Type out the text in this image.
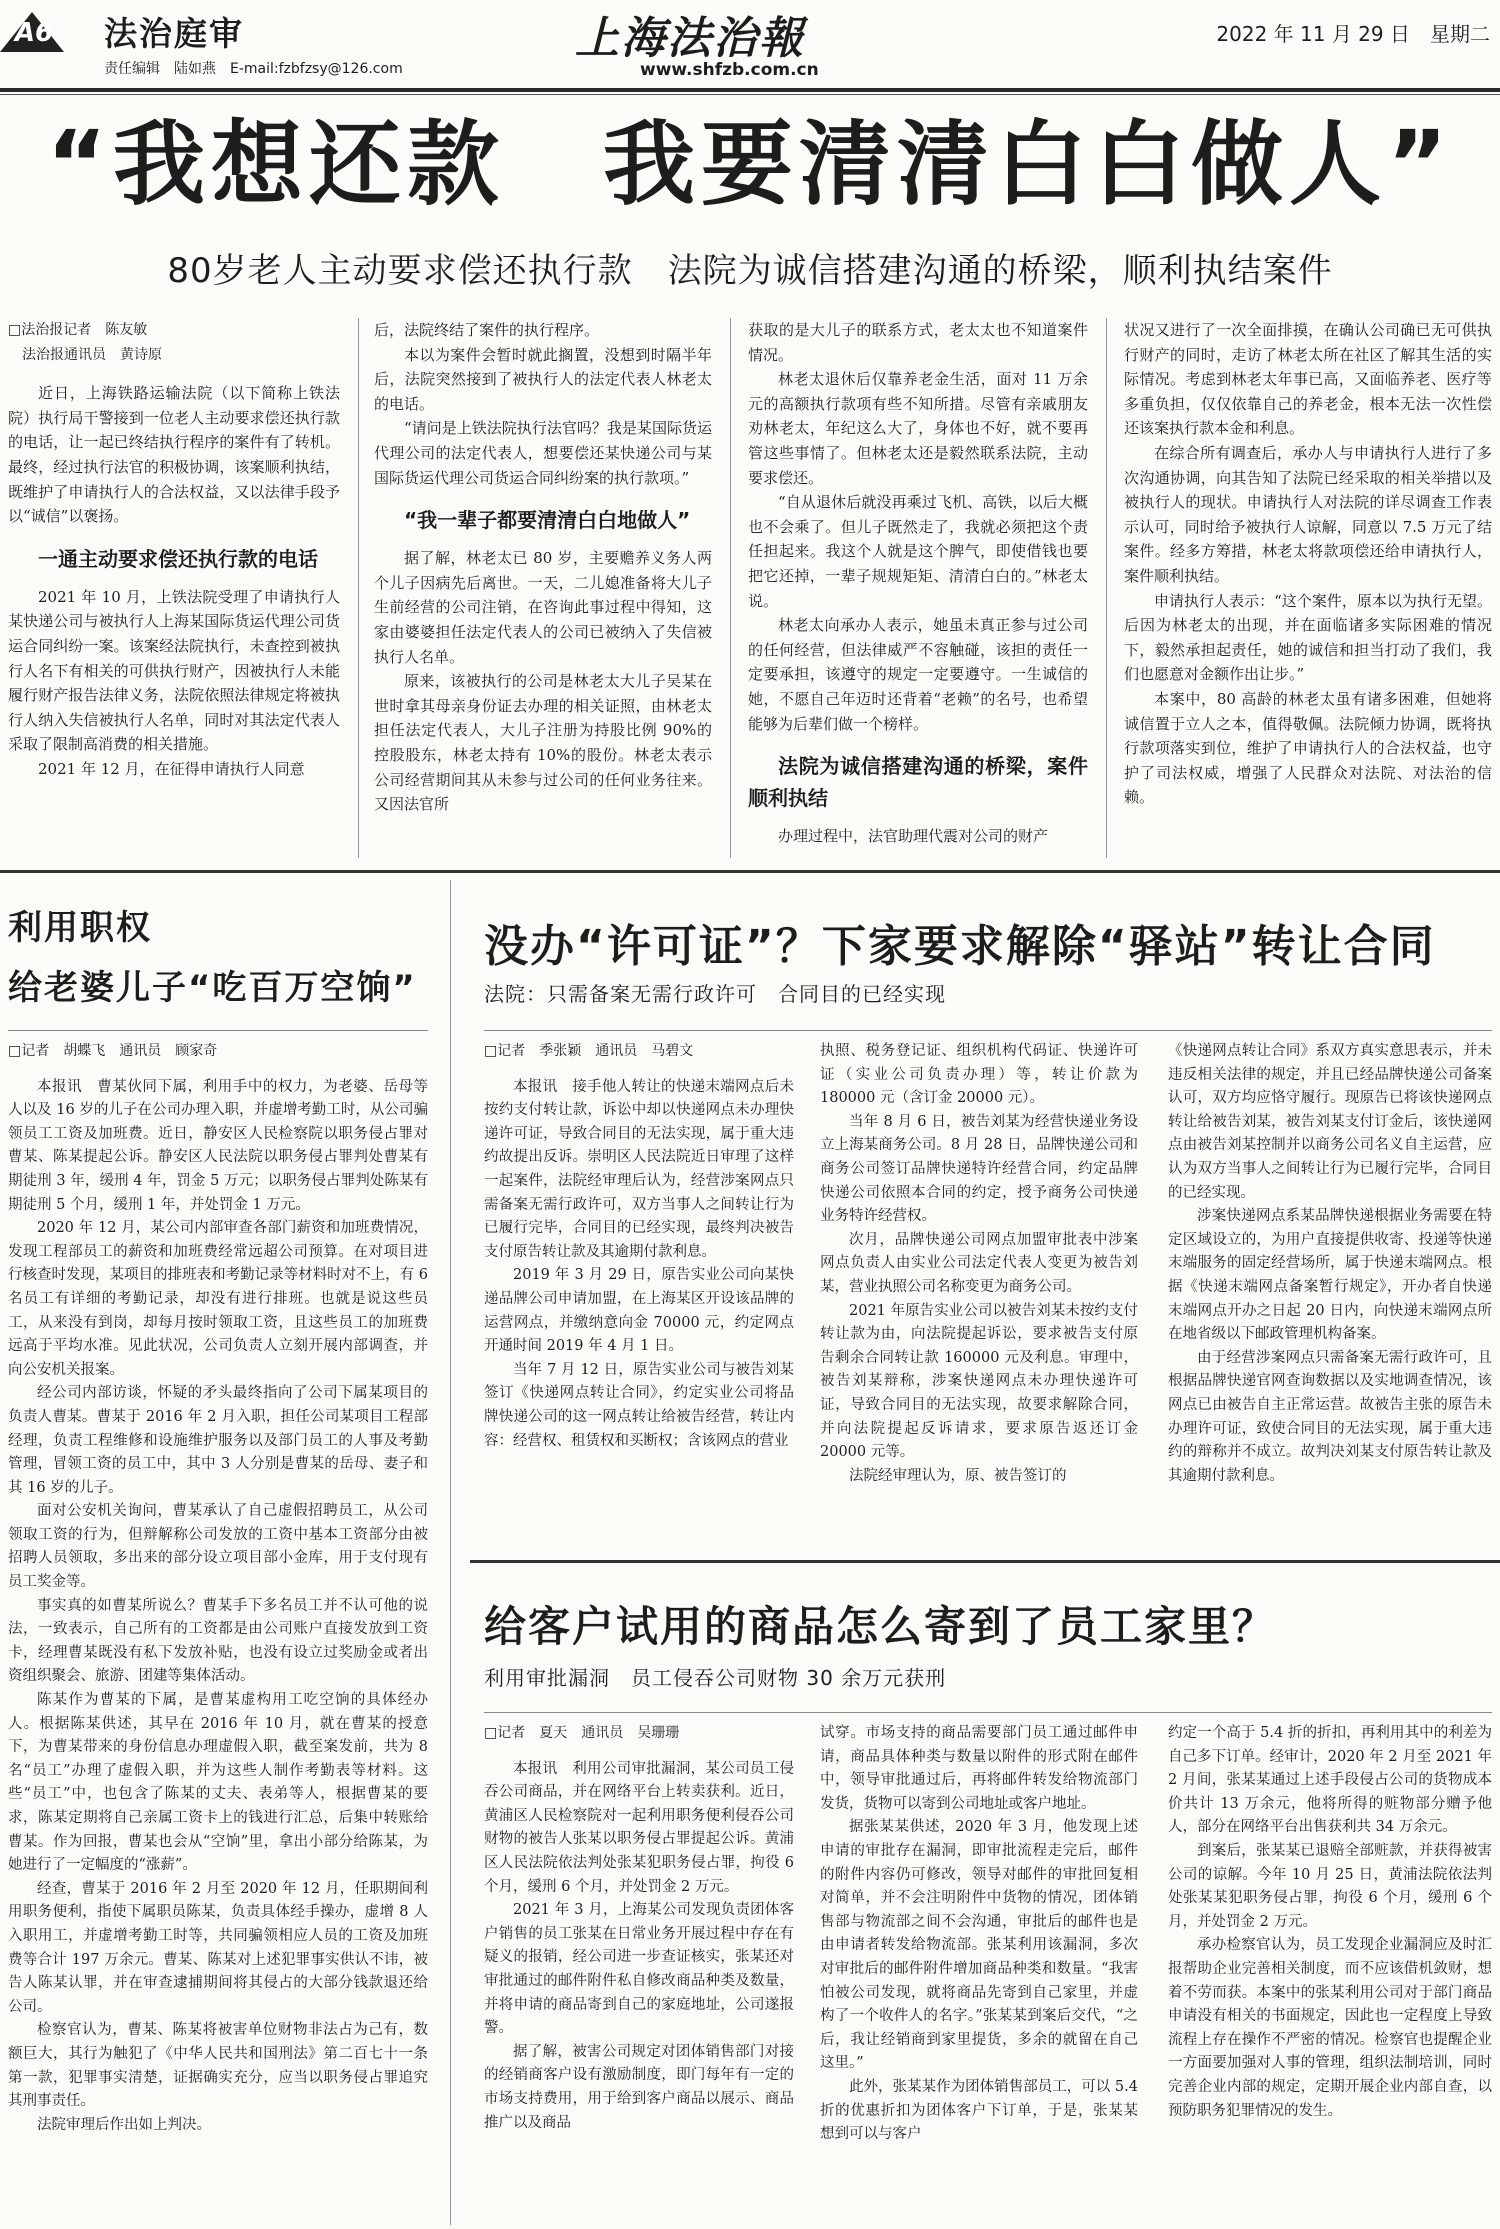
A6 法治庭审
责任编辑　陆如燕　E-mail:fzbfzsy@126.com
上海法治報
www.shfzb.com.cn
2022 年 11 月 29 日　星期二
“我想还款　我要清清白白做人”
80岁老人主动要求偿还执行款　法院为诚信搭建沟通的桥梁，顺利执结案件

□法治报记者　陈友敏

法治报通讯员　黄诗原

近日，上海铁路运输法院（以下简称上铁法院）执行局干警接到一位老人主动要求偿还执行款的电话，让一起已终结执行程序的案件有了转机。最终，经过执行法官的积极协调，该案顺利执结，既维护了申请执行人的合法权益，又以法律手段予以“诚信”以褒扬。

一通主动要求偿还执行款的电话

2021 年 10 月，上铁法院受理了申请执行人某快递公司与被执行人上海某国际货运代理公司货运合同纠纷一案。该案经法院执行，未查控到被执行人名下有相关的可供执行财产，因被执行人未能履行财产报告法律义务，法院依照法律规定将被执行人纳入失信被执行人名单，同时对其法定代表人采取了限制高消费的相关措施。

2021 年 12 月，在征得申请执行人同意

后，法院终结了案件的执行程序。

本以为案件会暂时就此搁置，没想到时隔半年后，法院突然接到了被执行人的法定代表人林老太的电话。

“请问是上铁法院执行法官吗？我是某国际货运代理公司的法定代表人，想要偿还某快递公司与某国际货运代理公司货运合同纠纷案的执行款项。”

“我一辈子都要清清白白地做人”

据了解，林老太已 80 岁，主要赡养义务人两个儿子因病先后离世。一天，二儿媳准备将大儿子生前经营的公司注销，在咨询此事过程中得知，这家由婆婆担任法定代表人的公司已被纳入了失信被执行人名单。

原来，该被执行的公司是林老太大儿子吴某在世时拿其母亲身份证去办理的相关证照，由林老太担任法定代表人，大儿子注册为持股比例 90%的控股股东，林老太持有 10%的股份。林老太表示公司经营期间其从未参与过公司的任何业务往来。又因法官所

获取的是大儿子的联系方式，老太太也不知道案件情况。

林老太退休后仅靠养老金生活，面对 11 万余元的高额执行款项有些不知所措。尽管有亲戚朋友劝林老太，年纪这么大了，身体也不好，就不要再管这些事情了。但林老太还是毅然联系法院，主动要求偿还。

“自从退休后就没再乘过飞机、高铁，以后大概也不会乘了。但儿子既然走了，我就必须把这个责任担起来。我这个人就是这个脾气，即使借钱也要把它还掉，一辈子规规矩矩、清清白白的。”林老太说。

林老太向承办人表示，她虽未真正参与过公司的任何经营，但法律威严不容触碰，该担的责任一定要承担，该遵守的规定一定要遵守。一生诚信的她，不愿自己年迈时还背着“老赖”的名号，也希望能够为后辈们做一个榜样。

法院为诚信搭建沟通的桥梁，案件顺利执结

办理过程中，法官助理代震对公司的财产

状况又进行了一次全面排摸，在确认公司确已无可供执行财产的同时，走访了林老太所在社区了解其生活的实际情况。考虑到林老太年事已高，又面临养老、医疗等多重负担，仅仅依靠自己的养老金，根本无法一次性偿还该案执行款本金和利息。

在综合所有调查后，承办人与申请执行人进行了多次沟通协调，向其告知了法院已经采取的相关举措以及被执行人的现状。申请执行人对法院的详尽调查工作表示认可，同时给予被执行人谅解，同意以 7.5 万元了结案件。经多方筹措，林老太将款项偿还给申请执行人，案件顺利执结。

申请执行人表示：“这个案件，原本以为执行无望。后因为林老太的出现，并在面临诸多实际困难的情况下，毅然承担起责任，她的诚信和担当打动了我们，我们也愿意对金额作出让步。”

本案中，80 高龄的林老太虽有诸多困难，但她将诚信置于立人之本，值得敬佩。法院倾力协调，既将执行款项落实到位，维护了申请执行人的合法权益，也守护了司法权威，增强了人民群众对法院、对法治的信赖。

利用职权
给老婆儿子“吃百万空饷”

□记者　胡蝶飞　通讯员　顾家奇

本报讯　曹某伙同下属，利用手中的权力，为老婆、岳母等人以及 16 岁的儿子在公司办理入职，并虚增考勤工时，从公司骗领员工工资及加班费。近日，静安区人民检察院以职务侵占罪对曹某、陈某提起公诉。静安区人民法院以职务侵占罪判处曹某有期徒刑 3 年，缓刑 4 年，罚金 5 万元；以职务侵占罪判处陈某有期徒刑 5 个月，缓刑 1 年，并处罚金 1 万元。

2020 年 12 月，某公司内部审查各部门薪资和加班费情况，发现工程部员工的薪资和加班费经常远超公司预算。在对项目进行核查时发现，某项目的排班表和考勤记录等材料时对不上，有 6 名员工有详细的考勤记录，却没有进行排班。也就是说这些员工，从来没有到岗，却每月按时领取工资，且这些员工的加班费远高于平均水准。见此状况，公司负责人立刻开展内部调查，并向公安机关报案。

经公司内部访谈，怀疑的矛头最终指向了公司下属某项目的负责人曹某。曹某于 2016 年 2 月入职，担任公司某项目工程部经理，负责工程维修和设施维护服务以及部门员工的人事及考勤管理，冒领工资的员工中，其中 3 人分别是曹某的岳母、妻子和其 16 岁的儿子。

面对公安机关询问，曹某承认了自己虚假招聘员工，从公司领取工资的行为，但辩解称公司发放的工资中基本工资部分由被招聘人员领取，多出来的部分设立项目部小金库，用于支付现有员工奖金等。

事实真的如曹某所说么？曹某手下多名员工并不认可他的说法，一致表示，自己所有的工资都是由公司账户直接发放到工资卡，经理曹某既没有私下发放补贴，也没有设立过奖励金或者出资组织聚会、旅游、团建等集体活动。

陈某作为曹某的下属，是曹某虚构用工吃空饷的具体经办人。根据陈某供述，其早在 2016 年 10 月，就在曹某的授意下，为曹某带来的身份信息办理虚假入职，截至案发前，共为 8 名“员工”办理了虚假入职，并为这些人制作考勤表等材料。这些“员工”中，也包含了陈某的丈夫、表弟等人，根据曹某的要求，陈某定期将自己亲属工资卡上的钱进行汇总，后集中转账给曹某。作为回报，曹某也会从“空饷”里，拿出小部分给陈某，为她进行了一定幅度的“涨薪”。

经查，曹某于 2016 年 2 月至 2020 年 12 月，任职期间利用职务便利，指使下属职员陈某，负责具体经手操办，虚增 8 人入职用工，并虚增考勤工时等，共同骗领相应人员的工资及加班费等合计 197 万余元。曹某、陈某对上述犯罪事实供认不讳，被告人陈某认罪，并在审查逮捕期间将其侵占的大部分钱款退还给公司。

检察官认为，曹某、陈某将被害单位财物非法占为己有，数额巨大，其行为触犯了《中华人民共和国刑法》第二百七十一条第一款，犯罪事实清楚，证据确实充分，应当以职务侵占罪追究其刑事责任。

法院审理后作出如上判决。

没办“许可证”？下家要求解除“驿站”转让合同
法院：只需备案无需行政许可　合同目的已经实现

□记者　季张颖　通讯员　马碧文

本报讯　接手他人转让的快递末端网点后未按约支付转让款，诉讼中却以快递网点未办理快递许可证，导致合同目的无法实现，属于重大违约故提出反诉。崇明区人民法院近日审理了这样一起案件，法院经审理后认为，经营涉案网点只需备案无需行政许可，双方当事人之间转让行为已履行完毕，合同目的已经实现，最终判决被告支付原告转让款及其逾期付款利息。

2019 年 3 月 29 日，原告实业公司向某快递品牌公司申请加盟，在上海某区开设该品牌的运营网点，并缴纳意向金 70000 元，约定网点开通时间 2019 年 4 月 1 日。

当年 7 月 12 日，原告实业公司与被告刘某签订《快递网点转让合同》，约定实业公司将品牌快递公司的这一网点转让给被告经营，转让内容：经营权、租赁权和买断权；含该网点的营业

执照、税务登记证、组织机构代码证、快递许可证（实业公司负责办理）等，转让价款为 180000 元（含订金 20000 元）。

当年 8 月 6 日，被告刘某为经营快递业务设立上海某商务公司。8 月 28 日，品牌快递公司和商务公司签订品牌快递特许经营合同，约定品牌快递公司依照本合同的约定，授予商务公司快递业务特许经营权。

次月，品牌快递公司网点加盟审批表中涉案网点负责人由实业公司法定代表人变更为被告刘某，营业执照公司名称变更为商务公司。

2021 年原告实业公司以被告刘某未按约支付转让款为由，向法院提起诉讼，要求被告支付原告剩余合同转让款 160000 元及利息。审理中，被告刘某辩称，涉案快递网点未办理快递许可证，导致合同目的无法实现，故要求解除合同，并向法院提起反诉请求，要求原告返还订金 20000 元等。

法院经审理认为，原、被告签订的

《快递网点转让合同》系双方真实意思表示，并未违反相关法律的规定，并且已经品牌快递公司备案认可，双方均应恪守履行。现原告已将该快递网点转让给被告刘某，被告刘某支付订金后，该快递网点由被告刘某控制并以商务公司名义自主运营，应认为双方当事人之间转让行为已履行完毕，合同目的已经实现。

涉案快递网点系某品牌快递根据业务需要在特定区域设立的，为用户直接提供收寄、投递等快递末端服务的固定经营场所，属于快递末端网点。根据《快递末端网点备案暂行规定》，开办者自快递末端网点开办之日起 20 日内，向快递末端网点所在地省级以下邮政管理机构备案。

由于经营涉案网点只需备案无需行政许可，且根据品牌快递官网查询数据以及实地调查情况，该网点已由被告自主正常运营。故被告主张的原告未办理许可证，致使合同目的无法实现，属于重大违约的辩称并不成立。故判决刘某支付原告转让款及其逾期付款利息。

给客户试用的商品怎么寄到了员工家里？
利用审批漏洞　员工侵吞公司财物 30 余万元获刑

□记者　夏天　通讯员　吴珊珊

本报讯　利用公司审批漏洞，某公司员工侵吞公司商品，并在网络平台上转卖获利。近日，黄浦区人民检察院对一起利用职务便利侵吞公司财物的被告人张某以职务侵占罪提起公诉。黄浦区人民法院依法判处张某犯职务侵占罪，拘役 6 个月，缓刑 6 个月，并处罚金 2 万元。

2021 年 3 月，上海某公司发现负责团体客户销售的员工张某在日常业务开展过程中存在有疑义的报销，经公司进一步查证核实，张某还对审批通过的邮件附件私自修改商品种类及数量，并将申请的商品寄到自己的家庭地址，公司遂报警。

据了解，被害公司规定对团体销售部门对接的经销商客户设有激励制度，即门每年有一定的市场支持费用，用于给到客户商品以展示、商品推广以及商品

试穿。市场支持的商品需要部门员工通过邮件申请，商品具体种类与数量以附件的形式附在邮件中，领导审批通过后，再将邮件转发给物流部门发货，货物可以寄到公司地址或客户地址。

据张某某供述，2020 年 3 月，他发现上述申请的审批存在漏洞，即审批流程走完后，邮件的附件内容仍可修改，领导对邮件的审批回复相对简单，并不会注明附件中货物的情况，团体销售部与物流部之间不会沟通，审批后的邮件也是由申请者转发给物流部。张某利用该漏洞，多次对审批后的邮件附件增加商品种类和数量。“我害怕被公司发现，就将商品先寄到自己家里，并虚构了一个收件人的名字。”张某某到案后交代，“之后，我让经销商到家里提货，多余的就留在自己这里。”

此外，张某某作为团体销售部员工，可以 5.4 折的优惠折扣为团体客户下订单，于是，张某某想到可以与客户

约定一个高于 5.4 折的折扣，再利用其中的利差为自己多下订单。经审计，2020 年 2 月至 2021 年 2 月间，张某某通过上述手段侵占公司的货物成本价共计 13 万余元，他将所得的赃物部分赠予他人，部分在网络平台出售获利共 34 万余元。

到案后，张某某已退赔全部赃款，并获得被害公司的谅解。今年 10 月 25 日，黄浦法院依法判处张某某犯职务侵占罪，拘役 6 个月，缓刑 6 个月，并处罚金 2 万元。

承办检察官认为，员工发现企业漏洞应及时汇报帮助企业完善相关制度，而不应该借机敛财，想着不劳而获。本案中的张某利用公司对于部门商品申请没有相关的书面规定，因此也一定程度上导致流程上存在操作不严密的情况。检察官也提醒企业一方面要加强对人事的管理，组织法制培训，同时完善企业内部的规定，定期开展企业内部自查，以预防职务犯罪情况的发生。
